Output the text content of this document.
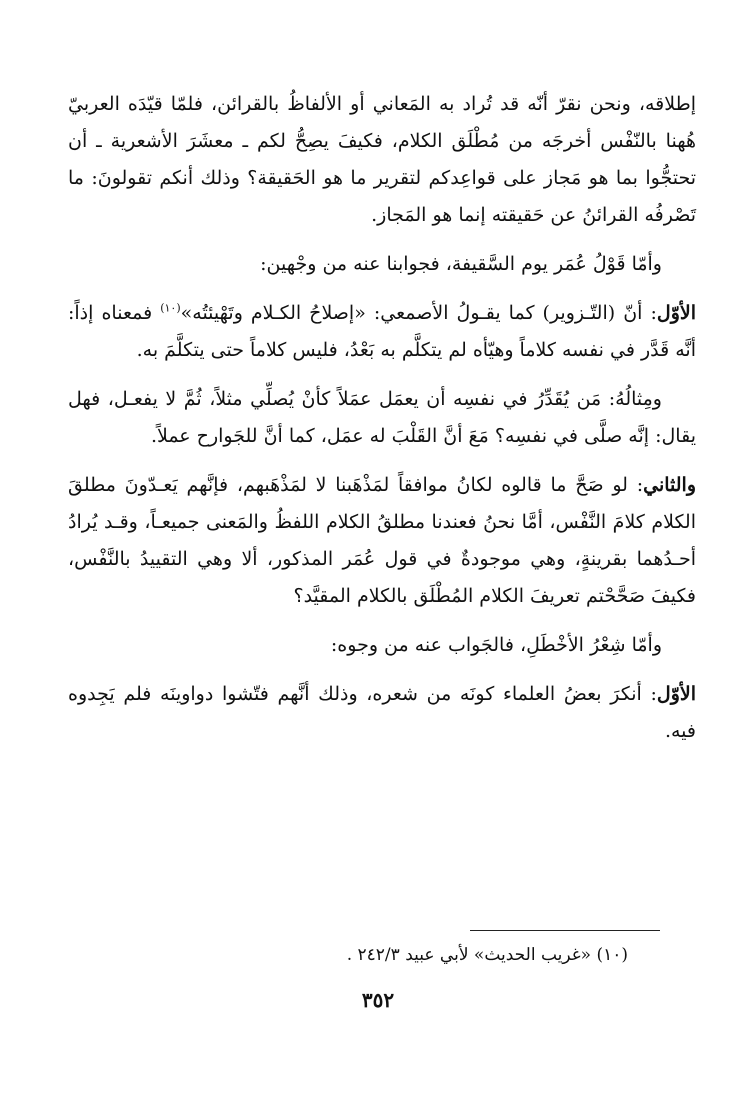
إطلاقه، ونحن نقرّ أنّه قد تُراد به المَعاني أو الألفاظُ بالقرائن، فلمّا قيّدَه العربيّ هُهنا بالنّفْس أخرجَه من مُطْلَق الكلام، فكيفَ يصِحُّ لكم ـ معشَرَ الأشعرية ـ أن تحتجُّوا بما هو مَجاز على قواعِدكم لتقرير ما هو الحَقيقة؟ وذلك أنكم تقولونَ: ما تَصْرفُه القرائنُ عن حَقيقته إنما هو المَجاز.

وأمّا قَوْلُ عُمَر يوم السَّقيفة، فجوابنا عنه من وجْهين:

الأوّل: أنّ (التّـزوير) كما يقـولُ الأصمعي: «إصلاحُ الكـلام وتَهْيئتُه»$^{(١٠)}$ فمعناه إذاً: أنَّه قَدَّر في نفسه كلاماً وهيّأه لم يتكلَّم به بَعْدُ، فليس كلاماً حتى يتكلَّمَ به.

ومِثالُهُ: مَن يُقَدِّرُ في نفسِه أن يعمَل عمَلاً كأنْ يُصلِّي مثلاً، ثُمَّ لا يفعـل، فهل يقال: إنَّه صلَّى في نفسِه؟ مَعَ أنَّ القَلْبَ له عمَل، كما أنَّ للجَوارح عملاً.

والثاني: لو صَحَّ ما قالوه لكانُ موافقاً لمَذْهَبنا لا لمَذْهَبهم، فإنَّهم يَعـدّونَ مطلقَ الكلام كلامَ النَّفْس، أمَّا نحنُ فعندنا مطلقُ الكلام اللفظُ والمَعنى جميعـاً، وقـد يُرادُ أحـدُهما بقرينةٍ، وهي موجودةٌ في قول عُمَر المذكور، ألا وهي التقييدُ بالنَّفْس، فكيفَ صَحَّحْتم تعريفَ الكلام المُطْلَق بالكلام المقيَّد؟

وأمّا شِعْرُ الأخْطَلِ، فالجَواب عنه من وجوه:

الأوّل: أنكرَ بعضُ العلماء كونَه من شعره، وذلك أنَّهم فتّشوا دواوينَه فلم يَجِدوه فيه.

(١٠) «غريب الحديث» لأبي عبيد ٢٤٢/٣ .
٣٥٢
